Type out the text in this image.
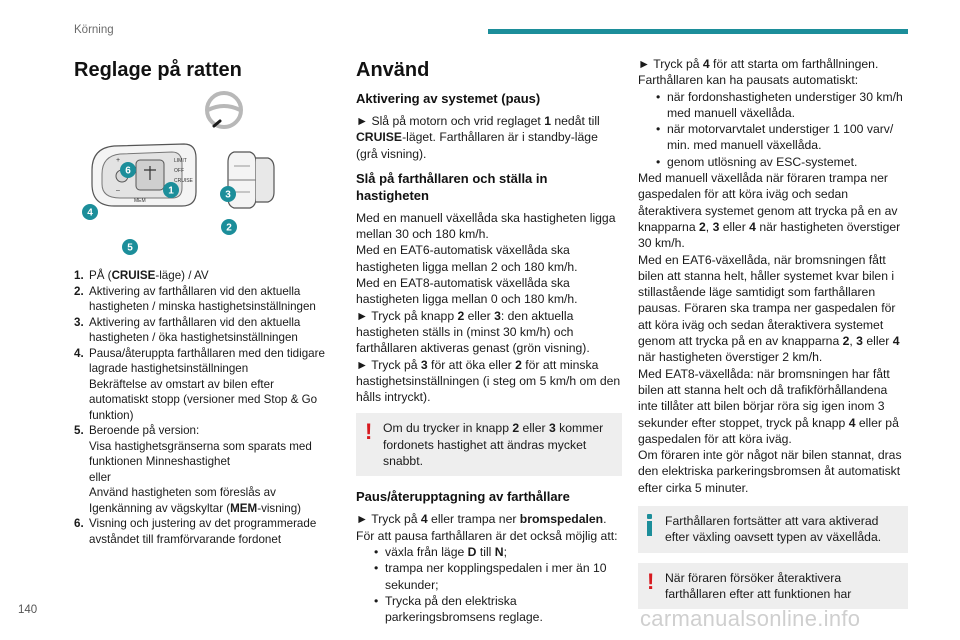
Körning
Reglage på ratten
LIMIT
OFF
CRUISE
MEM
+
–	1
2
3
4
5
6
1. PÅ (CRUISE-läge) / AV
2. Aktivering av farthållaren vid den aktuella hastigheten / minska hastighetsinställningen
3. Aktivering av farthållaren vid den aktuella hastigheten / öka hastighetsinställningen
4. Pausa/återuppta farthållaren med den tidigare lagrade hastighetsinställningen
Bekräftelse av omstart av bilen efter automatiskt stopp (versioner med Stop & Go funktion)
5. Beroende på version:
Visa hastighetsgränserna som sparats med funktionen Minneshastighet
eller
Använd hastigheten som föreslås av Igenkänning av vägskyltar (MEM-visning)
6. Visning och justering av det programmerade avståndet till framförvarande fordonet
Använd
Aktivering av systemet (paus)

► Slå på motorn och vrid reglaget 1 nedåt till CRUISE-läget. Farthållaren är i standby-läge (grå visning).

Slå på farthållaren och ställa in hastigheten

Med en manuell växellåda ska hastigheten ligga mellan 30 och 180 km/h.

Med en EAT6-automatisk växellåda ska hastigheten ligga mellan 2 och 180 km/h.

Med en EAT8-automatisk växellåda ska hastigheten ligga mellan 0 och 180 km/h.

► Tryck på knapp 2 eller 3: den aktuella hastigheten ställs in (minst 30 km/h) och farthållaren aktiveras genast (grön visning).

► Tryck på 3 för att öka eller 2 för att minska hastighetsinställningen (i steg om 5 km/h om den hålls intryckt).

! Om du trycker in knapp 2 eller 3 kommer fordonets hastighet att ändras mycket snabbt.
Paus/återupptagning av farthållare

► Tryck på 4 eller trampa ner bromspedalen.

För att pausa farthållaren är det också möjlig att:

• växla från läge D till N;
• trampa ner kopplingspedalen i mer än 10 sekunder;
• Trycka på den elektriska parkeringsbromsens reglage.

► Tryck på 4 för att starta om farthållningen.

Farthållaren kan ha pausats automatiskt:

• när fordonshastigheten understiger 30 km/h med manuell växellåda.
• när motorvarvtalet understiger 1 100 varv/ min. med manuell växellåda.
• genom utlösning av ESC-systemet.

Med manuell växellåda när föraren trampa ner gaspedalen för att köra iväg och sedan återaktivera systemet genom att trycka på en av knapparna 2, 3 eller 4 när hastigheten överstiger 30 km/h.

Med en EAT6-växellåda, när bromsningen fått bilen att stanna helt, håller systemet kvar bilen i stillastående läge samtidigt som farthållaren pausas. Föraren ska trampa ner gaspedalen för att köra iväg och sedan återaktivera systemet genom att trycka på en av knapparna 2, 3 eller 4 när hastigheten överstiger 2 km/h.

Med EAT8-växellåda: när bromsningen har fått bilen att stanna helt och då trafikförhållandena inte tillåter att bilen börjar röra sig igen inom 3 sekunder efter stoppet, tryck på knapp 4 eller på gaspedalen för att köra iväg.

Om föraren inte gör något när bilen stannat, dras den elektriska parkeringsbromsen åt automatiskt efter cirka 5 minuter.

Farthållaren fortsätter att vara aktiverad efter växling oavsett typen av växellåda.
! När föraren försöker återaktivera farthållaren efter att funktionen har
140	carmanualsonline.info
